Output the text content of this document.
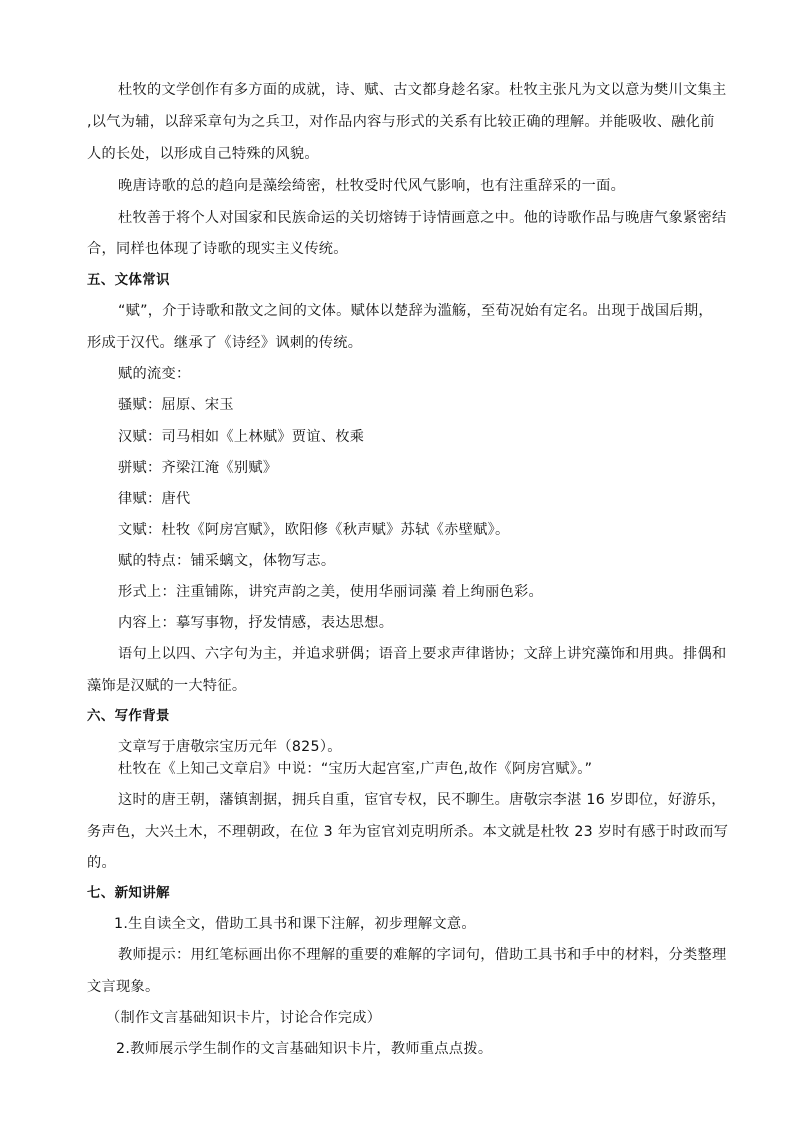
杜牧的文学创作有多方面的成就，诗、赋、古文都身趁名家。杜牧主张凡为文以意为樊川文集主
,以气为辅，以辞采章句为之兵卫，对作品内容与形式的关系有比较正确的理解。并能吸收、融化前
人的长处，以形成自己特殊的风貌。
晚唐诗歌的总的趋向是藻绘绮密，杜牧受时代风气影响，也有注重辞采的一面。
杜牧善于将个人对国家和民族命运的关切熔铸于诗情画意之中。他的诗歌作品与晚唐气象紧密结
合，同样也体现了诗歌的现实主义传统。
五、文体常识
“赋”，介于诗歌和散文之间的文体。赋体以楚辞为滥觞，至荀况始有定名。出现于战国后期，
形成于汉代。继承了《诗经》讽刺的传统。
赋的流变：
骚赋：屈原、宋玉
汉赋：司马相如《上林赋》贾谊、枚乘
骈赋：齐梁江淹《别赋》
律赋：唐代
文赋：杜牧《阿房宫赋》，欧阳修《秋声赋》苏轼《赤壁赋》。
赋的特点：铺采螭文，体物写志。
形式上：注重铺陈，讲究声韵之美，使用华丽词藻 着上绚丽色彩。
内容上：摹写事物，抒发情感，表达思想。
语句上以四、六字句为主，并追求骈偶；语音上要求声律谐协；文辞上讲究藻饰和用典。排偶和
藻饰是汉赋的一大特征。
六、写作背景
文章写于唐敬宗宝历元年（825）。
杜牧在《上知己文章启》中说：“宝历大起宫室,广声色,故作《阿房宫赋》。”
这时的唐王朝，藩镇割据，拥兵自重，宦官专权，民不聊生。唐敬宗李湛 16 岁即位，好游乐，
务声色，大兴土木，不理朝政，在位 3 年为宦官刘克明所杀。本文就是杜牧 23 岁时有感于时政而写
的。
七、新知讲解
1.生自读全文，借助工具书和课下注解，初步理解文意。
教师提示：用红笔标画出你不理解的重要的难解的字词句，借助工具书和手中的材料，分类整理
文言现象。
（制作文言基础知识卡片，讨论合作完成）
2.教师展示学生制作的文言基础知识卡片，教师重点点拨。
